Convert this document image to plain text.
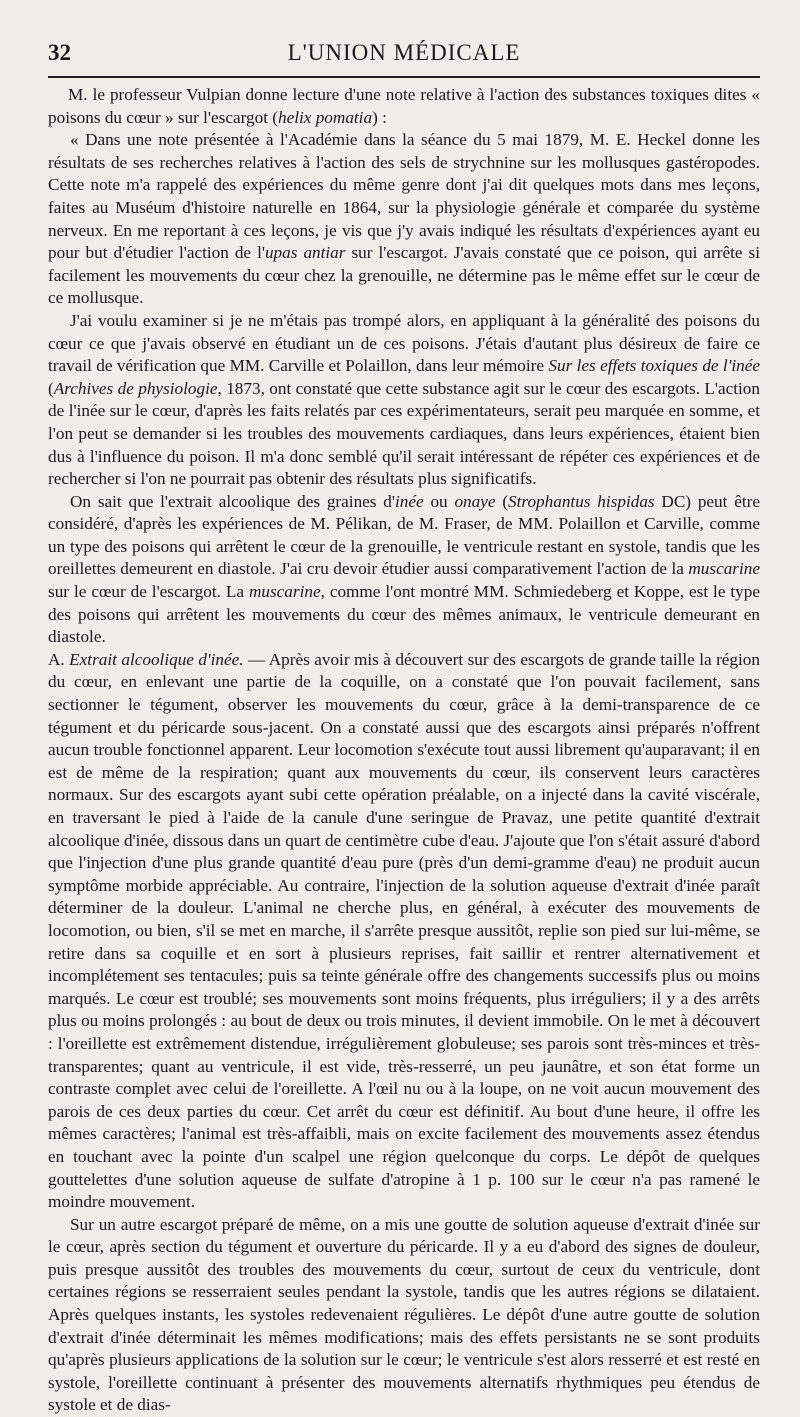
32	L'UNION MÉDICALE

M. le professeur Vulpian donne lecture d'une note relative à l'action des substances toxiques dites « poisons du cœur » sur l'escargot (helix pomatia) :

« Dans une note présentée à l'Académie dans la séance du 5 mai 1879, M. E. Heckel donne les résultats de ses recherches relatives à l'action des sels de strychnine sur les mollusques gastéropodes. Cette note m'a rappelé des expériences du même genre dont j'ai dit quelques mots dans mes leçons, faites au Muséum d'histoire naturelle en 1864, sur la physiologie générale et comparée du système nerveux. En me reportant à ces leçons, je vis que j'y avais indiqué les résultats d'expériences ayant eu pour but d'étudier l'action de l'upas antiar sur l'escargot. J'avais constaté que ce poison, qui arrête si facilement les mouvements du cœur chez la grenouille, ne détermine pas le même effet sur le cœur de ce mollusque.

J'ai voulu examiner si je ne m'étais pas trompé alors, en appliquant à la généralité des poisons du cœur ce que j'avais observé en étudiant un de ces poisons. J'étais d'autant plus désireux de faire ce travail de vérification que MM. Carville et Polaillon, dans leur mémoire Sur les effets toxiques de l'inée (Archives de physiologie, 1873, ont constaté que cette substance agit sur le cœur des escargots. L'action de l'inée sur le cœur, d'après les faits relatés par ces expérimentateurs, serait peu marquée en somme, et l'on peut se demander si les troubles des mouvements cardiaques, dans leurs expériences, étaient bien dus à l'influence du poison. Il m'a donc semblé qu'il serait intéressant de répéter ces expériences et de rechercher si l'on ne pourrait pas obtenir des résultats plus significatifs.

On sait que l'extrait alcoolique des graines d'inée ou onaye (Strophantus hispidas DC) peut être considéré, d'après les expériences de M. Pélikan, de M. Fraser, de MM. Polaillon et Carville, comme un type des poisons qui arrêtent le cœur de la grenouille, le ventricule restant en systole, tandis que les oreillettes demeurent en diastole. J'ai cru devoir étudier aussi comparativement l'action de la muscarine sur le cœur de l'escargot. La muscarine, comme l'ont montré MM. Schmiedeberg et Koppe, est le type des poisons qui arrêtent les mouvements du cœur des mêmes animaux, le ventricule demeurant en diastole.

A. Extrait alcoolique d'inée. — Après avoir mis à découvert sur des escargots de grande taille la région du cœur, en enlevant une partie de la coquille, on a constaté que l'on pouvait facilement, sans sectionner le tégument, observer les mouvements du cœur, grâce à la demi-transparence de ce tégument et du péricarde sous-jacent. On a constaté aussi que des escargots ainsi préparés n'offrent aucun trouble fonctionnel apparent. Leur locomotion s'exécute tout aussi librement qu'auparavant; il en est de même de la respiration; quant aux mouvements du cœur, ils conservent leurs caractères normaux. Sur des escargots ayant subi cette opération préalable, on a injecté dans la cavité viscérale, en traversant le pied à l'aide de la canule d'une seringue de Pravaz, une petite quantité d'extrait alcoolique d'inée, dissous dans un quart de centimètre cube d'eau. J'ajoute que l'on s'était assuré d'abord que l'injection d'une plus grande quantité d'eau pure (près d'un demi-gramme d'eau) ne produit aucun symptôme morbide appréciable. Au contraire, l'injection de la solution aqueuse d'extrait d'inée paraît déterminer de la douleur. L'animal ne cherche plus, en général, à exécuter des mouvements de locomotion, ou bien, s'il se met en marche, il s'arrête presque aussitôt, replie son pied sur lui-même, se retire dans sa coquille et en sort à plusieurs reprises, fait saillir et rentrer alternativement et incomplétement ses tentacules; puis sa teinte générale offre des changements successifs plus ou moins marqués. Le cœur est troublé; ses mouvements sont moins fréquents, plus irréguliers; il y a des arrêts plus ou moins prolongés : au bout de deux ou trois minutes, il devient immobile. On le met à découvert : l'oreillette est extrêmement distendue, irrégulièrement globuleuse; ses parois sont très-minces et très-transparentes; quant au ventricule, il est vide, très-resserré, un peu jaunâtre, et son état forme un contraste complet avec celui de l'oreillette. A l'œil nu ou à la loupe, on ne voit aucun mouvement des parois de ces deux parties du cœur. Cet arrêt du cœur est définitif. Au bout d'une heure, il offre les mêmes caractères; l'animal est très-affaibli, mais on excite facilement des mouvements assez étendus en touchant avec la pointe d'un scalpel une région quelconque du corps. Le dépôt de quelques gouttelettes d'une solution aqueuse de sulfate d'atropine à 1 p. 100 sur le cœur n'a pas ramené le moindre mouvement.

Sur un autre escargot préparé de même, on a mis une goutte de solution aqueuse d'extrait d'inée sur le cœur, après section du tégument et ouverture du péricarde. Il y a eu d'abord des signes de douleur, puis presque aussitôt des troubles des mouvements du cœur, surtout de ceux du ventricule, dont certaines régions se resserraient seules pendant la systole, tandis que les autres régions se dilataient. Après quelques instants, les systoles redevenaient régulières. Le dépôt d'une autre goutte de solution d'extrait d'inée déterminait les mêmes modifications; mais des effets persistants ne se sont produits qu'après plusieurs applications de la solution sur le cœur; le ventricule s'est alors resserré et est resté en systole, l'oreillette continuant à présenter des mouvements alternatifs rhythmiques peu étendus de systole et de dias-
